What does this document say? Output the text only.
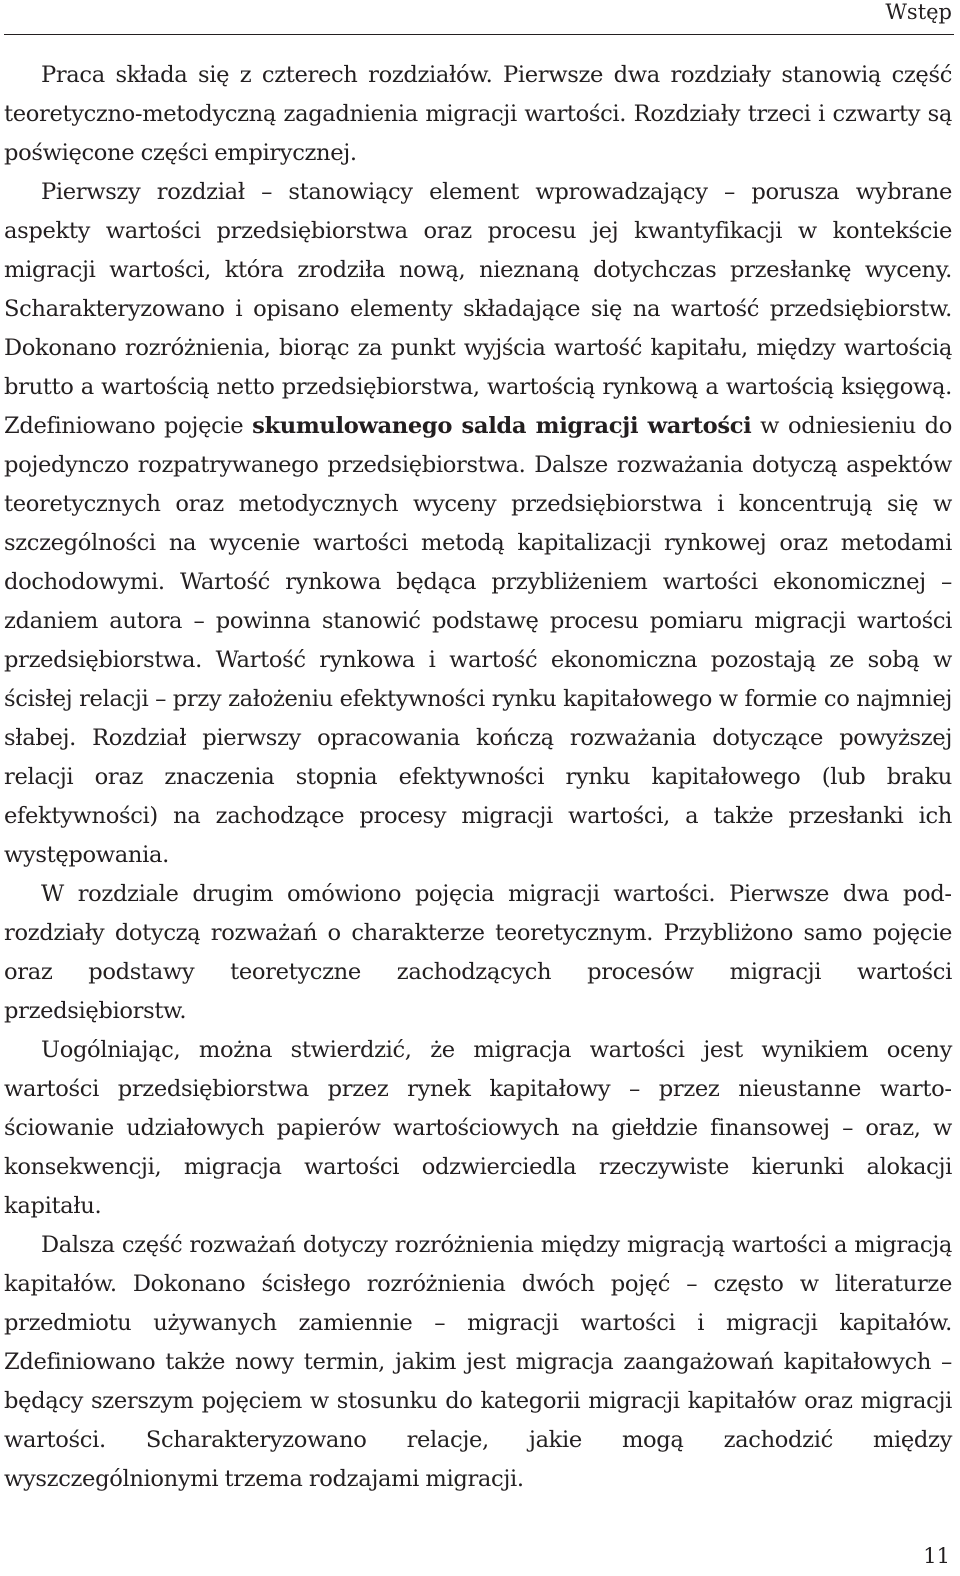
Wstęp

Praca składa się z czterech rozdziałów. Pierwsze dwa rozdziały stanowią część teoretyczno-metodyczną zagadnienia migracji wartości. Rozdziały trzeci i czwarty są poświęcone części empirycznej.

Pierwszy rozdział – stanowiący element wprowadzający – porusza wybrane aspekty wartości przedsiębiorstwa oraz procesu jej kwantyfikacji w kontekście migracji wartości, która zrodziła nową, nieznaną dotychczas przesłankę wyceny. Scharakteryzowano i opisano elementy składające się na wartość przedsiębiorstw. Dokonano rozróżnienia, biorąc za punkt wyjścia wartość kapitału, między wartością brutto a wartością netto przedsiębiorstwa, wartością rynkową a wartością księgową. Zdefiniowano pojęcie skumulowanego salda migracji wartości w odniesieniu do pojedynczo rozpatrywanego przedsiębiorstwa. Dalsze rozważania dotyczą aspektów teoretycznych oraz metodycznych wyceny przedsiębiorstwa i koncentrują się w szczególności na wycenie wartości metodą kapitalizacji rynkowej oraz metodami dochodowymi. Wartość rynkowa będąca przybliżeniem wartości ekonomicznej – zdaniem autora – powinna stanowić podstawę procesu pomiaru migracji wartości przedsiębiorstwa. Wartość rynkowa i wartość ekonomiczna pozostają ze sobą w ścisłej relacji – przy założeniu efektywności rynku kapitałowego w formie co najmniej słabej. Rozdział pierwszy opracowania kończą rozważania dotyczące powyższej relacji oraz znaczenia stopnia efektywności rynku kapitałowego (lub braku efektywności) na zachodzące procesy migracji wartości, a także przesłanki ich występowania.

W rozdziale drugim omówiono pojęcia migracji wartości. Pierwsze dwa podrozdziały dotyczą rozważań o charakterze teoretycznym. Przybliżono samo pojęcie oraz podstawy teoretyczne zachodzących procesów migracji wartości przedsiębiorstw.

Uogólniając, można stwierdzić, że migracja wartości jest wynikiem oceny wartości przedsiębiorstwa przez rynek kapitałowy – przez nieustanne wartościowanie udziałowych papierów wartościowych na giełdzie finansowej – oraz, w konsekwencji, migracja wartości odzwierciedla rzeczywiste kierunki alokacji kapitału.

Dalsza część rozważań dotyczy rozróżnienia między migracją wartości a migracją kapitałów. Dokonano ścisłego rozróżnienia dwóch pojęć – często w literaturze przedmiotu używanych zamiennie – migracji wartości i migracji kapitałów. Zdefiniowano także nowy termin, jakim jest migracja zaangażowań kapitałowych – będący szerszym pojęciem w stosunku do kategorii migracji kapitałów oraz migracji wartości. Scharakteryzowano relacje, jakie mogą zachodzić między wyszczególnionymi trzema rodzajami migracji.

11
